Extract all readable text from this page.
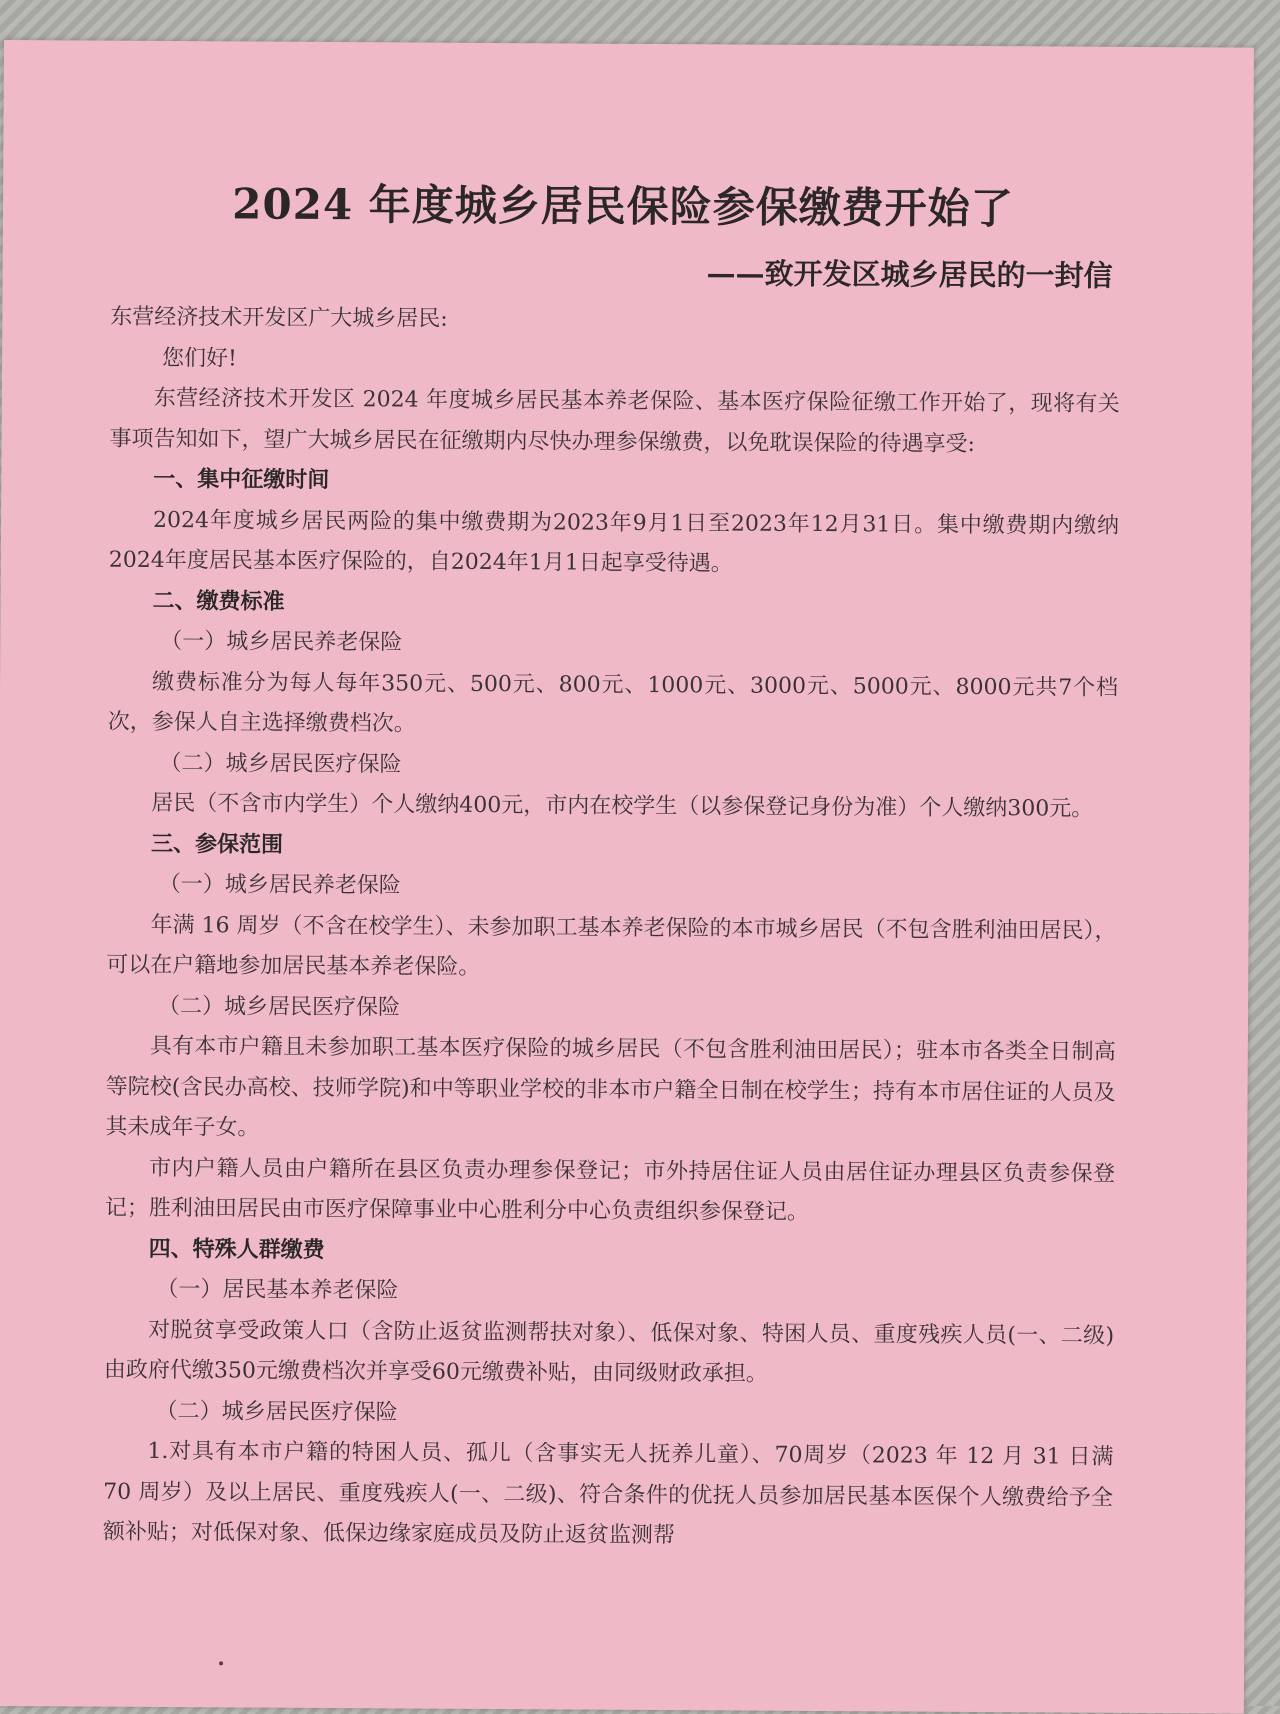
2024 年度城乡居民保险参保缴费开始了
——致开发区城乡居民的一封信

东营经济技术开发区广大城乡居民:

您们好!

东营经济技术开发区 2024 年度城乡居民基本养老保险、基本医疗保险征缴工作开始了，现将有关事项告知如下，望广大城乡居民在征缴期内尽快办理参保缴费，以免耽误保险的待遇享受:

一、集中征缴时间

2024年度城乡居民两险的集中缴费期为2023年9月1日至2023年12月31日。集中缴费期内缴纳2024年度居民基本医疗保险的，自2024年1月1日起享受待遇。

二、缴费标准

（一）城乡居民养老保险

缴费标准分为每人每年350元、500元、800元、1000元、3000元、5000元、8000元共7个档次，参保人自主选择缴费档次。

（二）城乡居民医疗保险

居民（不含市内学生）个人缴纳400元，市内在校学生（以参保登记身份为准）个人缴纳300元。

三、参保范围

（一）城乡居民养老保险

年满 16 周岁（不含在校学生）、未参加职工基本养老保险的本市城乡居民（不包含胜利油田居民），可以在户籍地参加居民基本养老保险。

（二）城乡居民医疗保险

具有本市户籍且未参加职工基本医疗保险的城乡居民（不包含胜利油田居民）；驻本市各类全日制高等院校(含民办高校、技师学院)和中等职业学校的非本市户籍全日制在校学生；持有本市居住证的人员及其未成年子女。

市内户籍人员由户籍所在县区负责办理参保登记；市外持居住证人员由居住证办理县区负责参保登记；胜利油田居民由市医疗保障事业中心胜利分中心负责组织参保登记。

四、特殊人群缴费

（一）居民基本养老保险

对脱贫享受政策人口（含防止返贫监测帮扶对象）、低保对象、特困人员、重度残疾人员(一、二级)由政府代缴350元缴费档次并享受60元缴费补贴，由同级财政承担。

（二）城乡居民医疗保险

1.对具有本市户籍的特困人员、孤儿（含事实无人抚养儿童）、70周岁（2023 年 12 月 31 日满 70 周岁）及以上居民、重度残疾人(一、二级)、符合条件的优抚人员参加居民基本医保个人缴费给予全额补贴；对低保对象、低保边缘家庭成员及防止返贫监测帮
